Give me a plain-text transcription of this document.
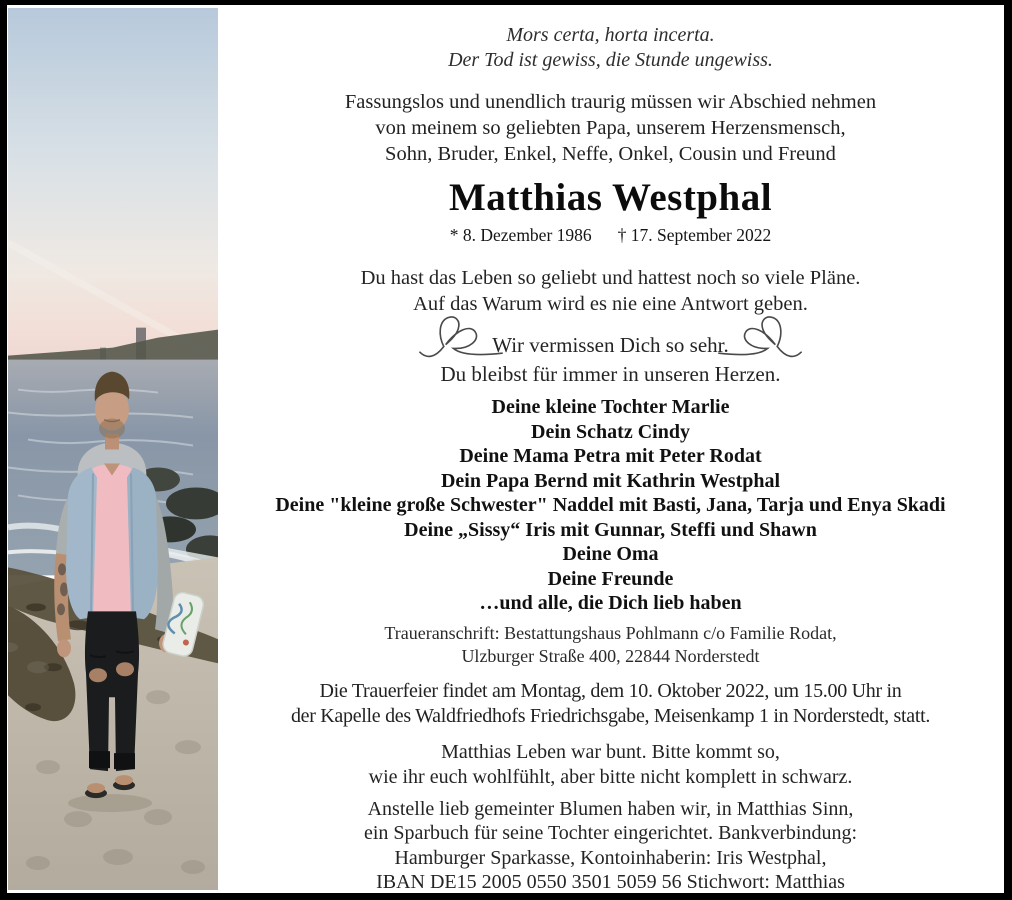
Mors certa, horta incerta.
Der Tod ist gewiss, die Stunde ungewiss.
Fassungslos und unendlich traurig müssen wir Abschied nehmen
von meinem so geliebten Papa, unserem Herzensmensch,
Sohn, Bruder, Enkel, Neffe, Onkel, Cousin und Freund
Matthias Westphal
* 8. Dezember 1986 † 17. September 2022
Du hast das Leben so geliebt und hattest noch so viele Pläne.
Auf das Warum wird es nie eine Antwort geben.
Wir vermissen Dich so sehr.
Du bleibst für immer in unseren Herzen.
Deine kleine Tochter Marlie
Dein Schatz Cindy
Deine Mama Petra mit Peter Rodat
Dein Papa Bernd mit Kathrin Westphal
Deine "kleine große Schwester" Naddel mit Basti, Jana, Tarja und Enya Skadi
Deine „Sissy“ Iris mit Gunnar, Steffi und Shawn
Deine Oma
Deine Freunde
…und alle, die Dich lieb haben
Traueranschrift: Bestattungshaus Pohlmann c/o Familie Rodat,
Ulzburger Straße 400, 22844 Norderstedt
Die Trauerfeier findet am Montag, dem 10. Oktober 2022, um 15.00 Uhr in
der Kapelle des Waldfriedhofs Friedrichsgabe, Meisenkamp 1 in Norderstedt, statt.
Matthias Leben war bunt. Bitte kommt so,
wie ihr euch wohlfühlt, aber bitte nicht komplett in schwarz.
Anstelle lieb gemeinter Blumen haben wir, in Matthias Sinn,
ein Sparbuch für seine Tochter eingerichtet. Bankverbindung:
Hamburger Sparkasse, Kontoinhaberin: Iris Westphal,
IBAN DE15 2005 0550 3501 5059 56 Stichwort: Matthias
